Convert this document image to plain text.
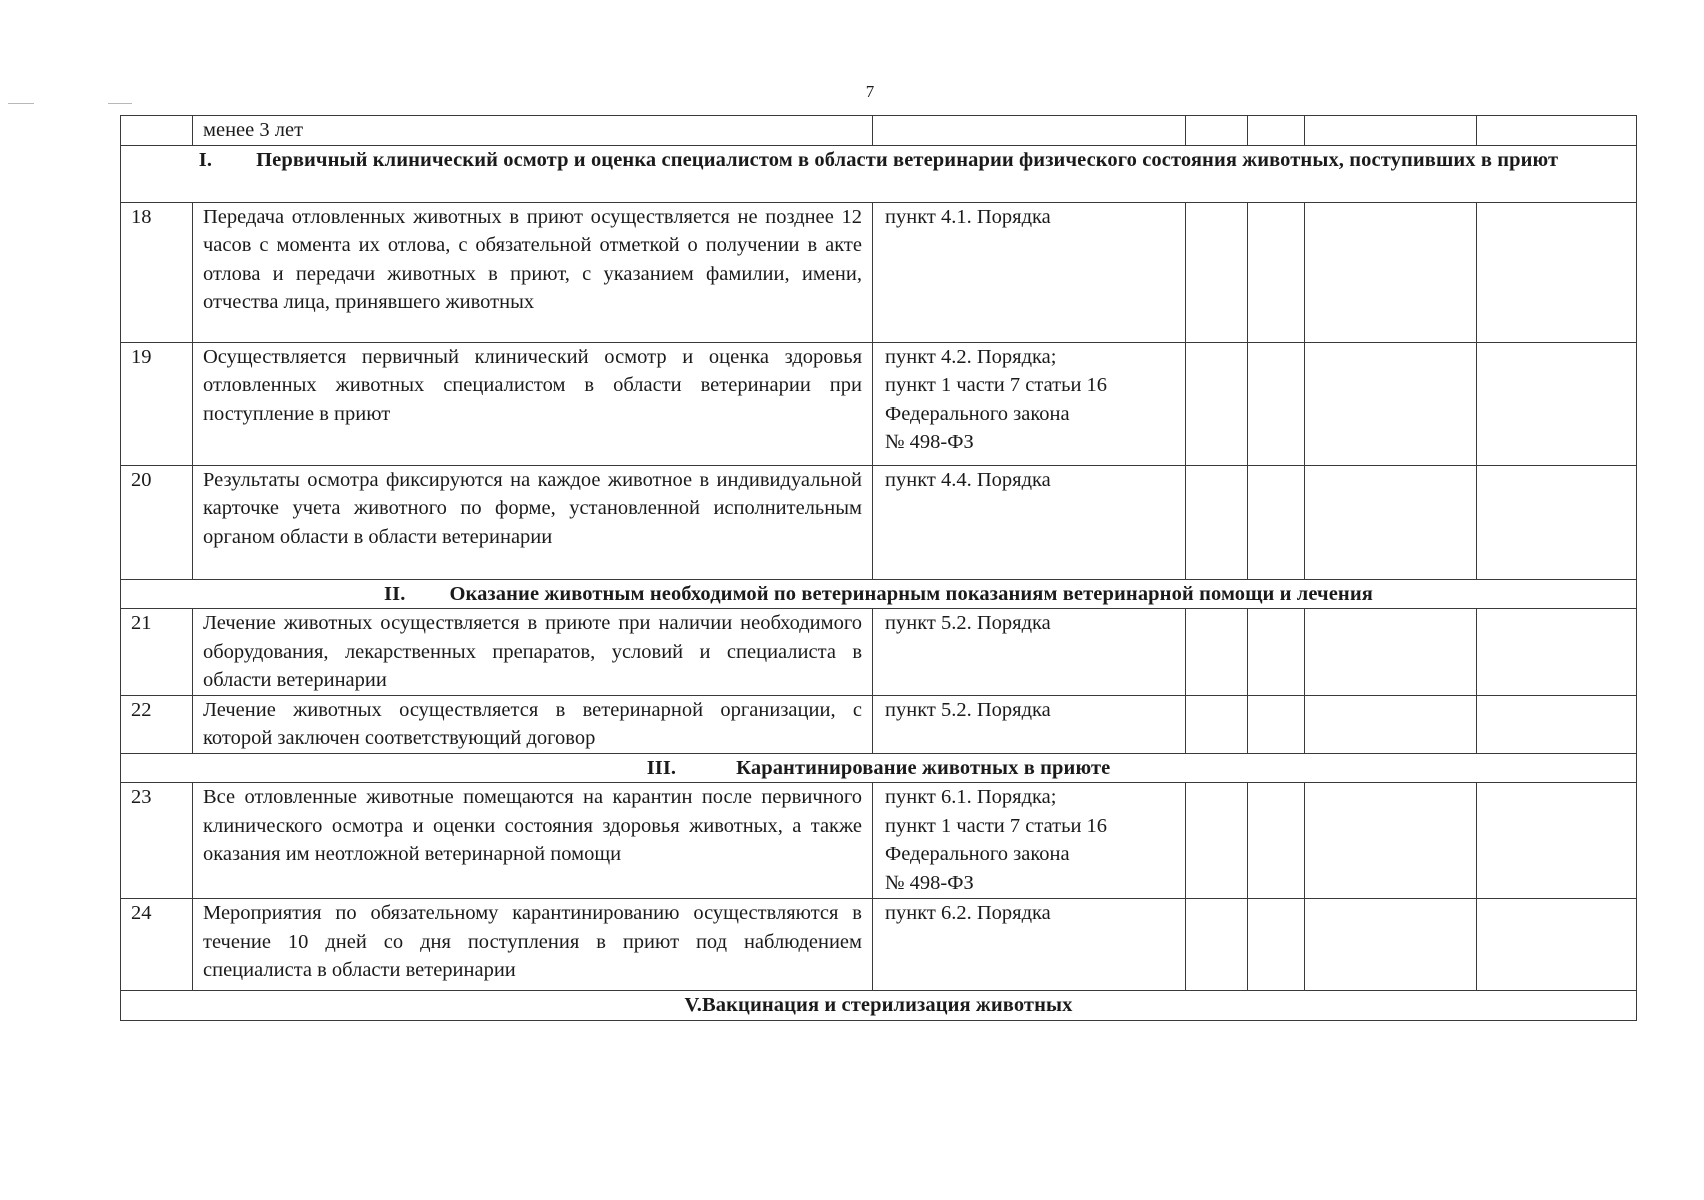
7
	менее 3 лет					
I. Первичный клинический осмотр и оценка специалистом в области ветеринарии физического состояния животных, поступивших в приют						
18	Передача отловленных животных в приют осуществляется не позднее 12 часов с момента их отлова, с обязательной отметкой о получении в акте отлова и передачи животных в приют, с указанием фамилии, имени, отчества лица, принявшего животных	пункт 4.1. Порядка				
19	Осуществляется первичный клинический осмотр и оценка здоровья отловленных животных специалистом в области ветеринарии при поступление в приют	пункт 4.2. Порядка;
пункт 1 части 7 статьи 16 Федерального закона
№ 498-ФЗ				
20	Результаты осмотра фиксируются на каждое животное в индивидуальной карточке учета животного по форме, установленной исполнительным органом области в области ветеринарии	пункт 4.4. Порядка				
II. Оказание животным необходимой по ветеринарным показаниям ветеринарной помощи и лечения						
21	Лечение животных осуществляется в приюте при наличии необходимого оборудования, лекарственных препаратов, условий и специалиста в области ветеринарии	пункт 5.2. Порядка				
22	Лечение животных осуществляется в ветеринарной организации, с которой заключен соответствующий договор	пункт 5.2. Порядка				
III. Карантинирование животных в приюте						
23	Все отловленные животные помещаются на карантин после первичного клинического осмотра и оценки состояния здоровья животных, а также оказания им неотложной ветеринарной помощи	пункт 6.1. Порядка;
пункт 1 части 7 статьи 16 Федерального закона
№ 498-ФЗ				
24	Мероприятия по обязательному карантинированию осуществляются в течение 10 дней со дня поступления в приют под наблюдением специалиста в области ветеринарии	пункт 6.2. Порядка				
V.Вакцинация и стерилизация животных						
